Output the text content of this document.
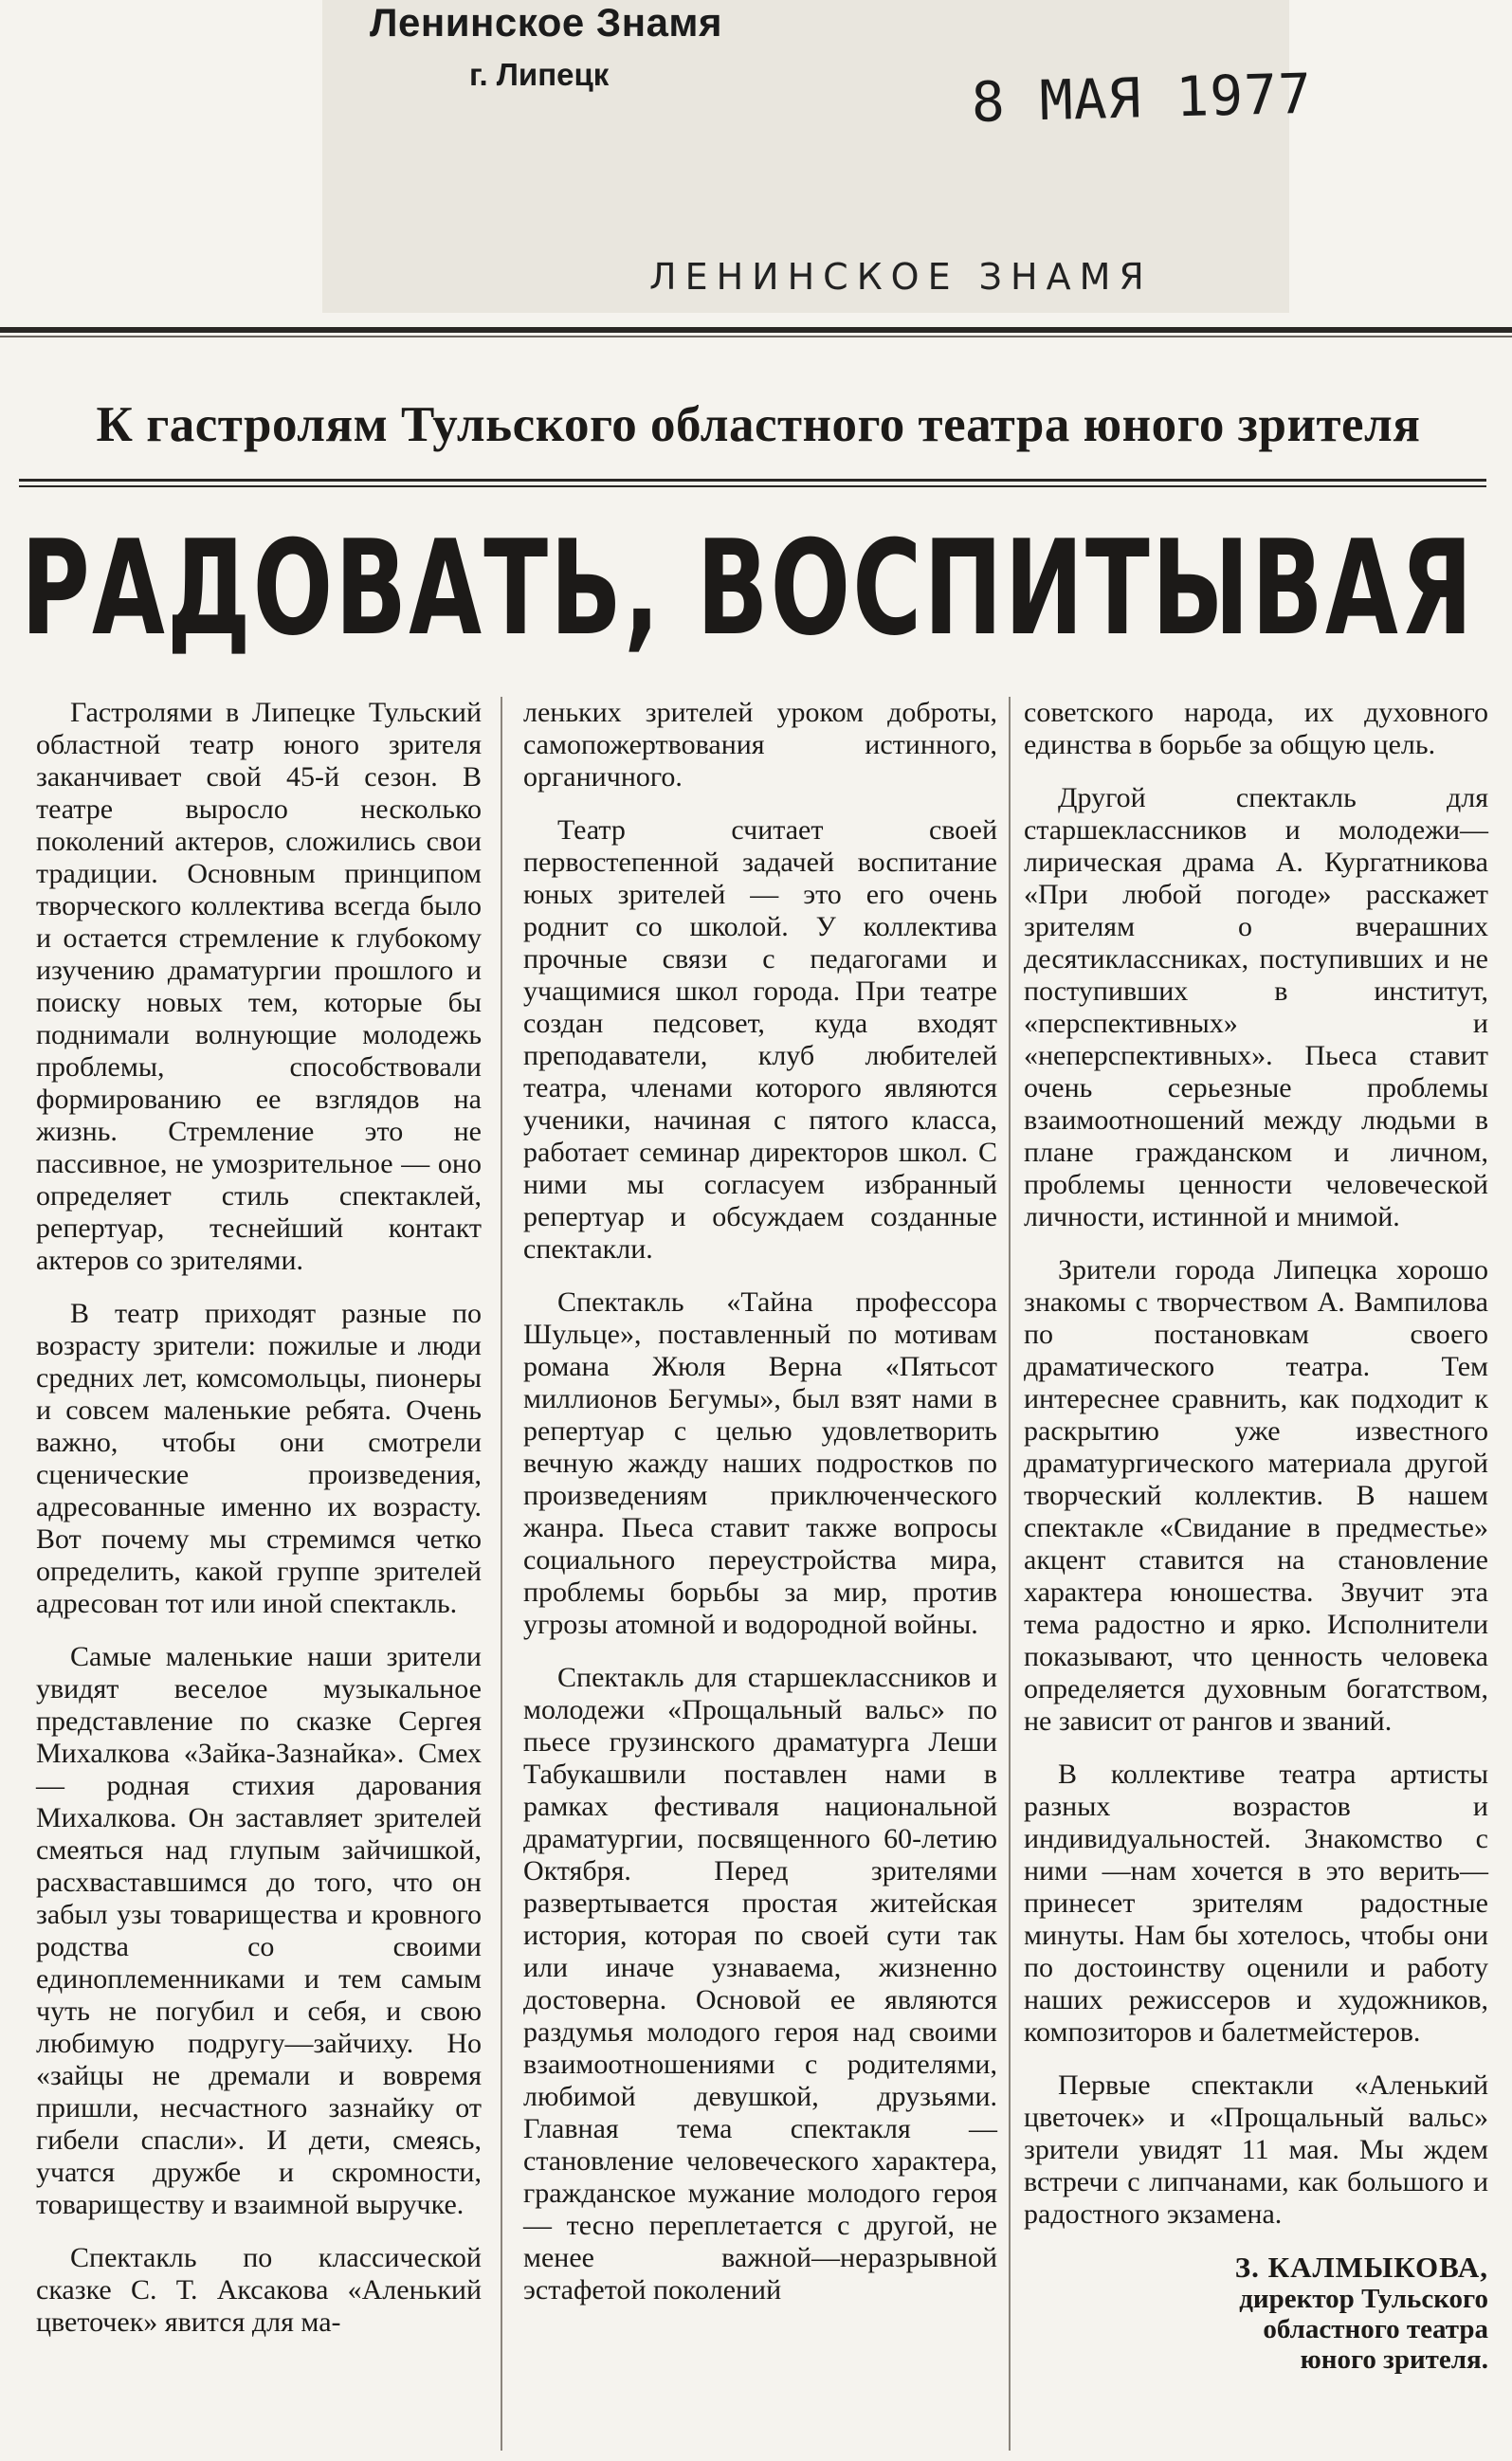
Ленинское Знамя
г. Липецк	8 МАЯ 1977
ЛЕНИНСКОЕ ЗНАМЯ
К гастролям Тульского областного театра юного зрителя
РАДОВАТЬ, ВОСПИТЫВАЯ

Гастролями в Липецке Тульский областной театр юного зрителя заканчивает свой 45-й сезон. В театре выросло несколько поколений актеров, сложились свои традиции. Основным принципом творческого коллектива всегда было и остается стремление к глубокому изучению драматургии прошлого и поиску новых тем, которые бы поднимали волнующие молодежь проблемы, способствовали формированию ее взглядов на жизнь. Стремление это не пассивное, не умозрительное — оно определяет стиль спектаклей, репертуар, теснейший контакт актеров со зрителями.

В театр приходят разные по возрасту зрители: пожилые и люди средних лет, комсомольцы, пионеры и совсем маленькие ребята. Очень важно, чтобы они смотрели сценические произведения, адресованные именно их возрасту. Вот почему мы стремимся четко определить, какой группе зрителей адресован тот или иной спектакль.

Самые маленькие наши зрители увидят веселое музыкальное представление по сказке Сергея Михалкова «Зайка-Зазнайка». Смех — родная стихия дарования Михалкова. Он заставляет зрителей смеяться над глупым зайчишкой, расхваставшимся до того, что он забыл узы товарищества и кровного родства со своими единоплеменниками и тем самым чуть не погубил и себя, и свою любимую подругу—зайчиху. Но «зайцы не дремали и вовремя пришли, несчастного зазнайку от гибели спасли». И дети, смеясь, учатся дружбе и скромности, товариществу и взаимной выручке.

Спектакль по классической сказке С. Т. Аксакова «Аленький цветочек» явится для ма-

леньких зрителей уроком доброты, самопожертвования истинного, органичного.

Театр считает своей первостепенной задачей воспитание юных зрителей — это его очень роднит со школой. У коллектива прочные связи с педагогами и учащимися школ города. При театре создан педсовет, куда входят преподаватели, клуб любителей театра, членами которого являются ученики, начиная с пятого класса, работает семинар директоров школ. С ними мы согласуем избранный репертуар и обсуждаем созданные спектакли.

Спектакль «Тайна профессора Шульце», поставленный по мотивам романа Жюля Верна «Пятьсот миллионов Бегумы», был взят нами в репертуар с целью удовлетворить вечную жажду наших подростков по произведениям приключенческого жанра. Пьеса ставит также вопросы социального переустройства мира, проблемы борьбы за мир, против угрозы атомной и водородной войны.

Спектакль для старшеклассников и молодежи «Прощальный вальс» по пьесе грузинского драматурга Леши Табукашвили поставлен нами в рамках фестиваля национальной драматургии, посвященного 60-летию Октября. Перед зрителями развертывается простая житейская история, которая по своей сути так или иначе узнаваема, жизненно достоверна. Основой ее являются раздумья молодого героя над своими взаимоотношениями с родителями, любимой девушкой, друзьями. Главная тема спектакля — становление человеческого характера, гражданское мужание молодого героя — тесно переплетается с другой, не менее важной—неразрывной эстафетой поколений

советского народа, их духовного единства в борьбе за общую цель.

Другой спектакль для старшеклассников и молодежи—лирическая драма А. Кургатникова «При любой погоде» расскажет зрителям о вчерашних десятиклассниках, поступивших и не поступивших в институт, «перспективных» и «неперспективных». Пьеса ставит очень серьезные проблемы взаимоотношений между людьми в плане гражданском и личном, проблемы ценности человеческой личности, истинной и мнимой.

Зрители города Липецка хорошо знакомы с творчеством А. Вампилова по постановкам своего драматического театра. Тем интереснее сравнить, как подходит к раскрытию уже известного драматургического материала другой творческий коллектив. В нашем спектакле «Свидание в предместье» акцент ставится на становление характера юношества. Звучит эта тема радостно и ярко. Исполнители показывают, что ценность человека определяется духовным богатством, не зависит от рангов и званий.

В коллективе театра артисты разных возрастов и индивидуальностей. Знакомство с ними —нам хочется в это верить—принесет зрителям радостные минуты. Нам бы хотелось, чтобы они по достоинству оценили и работу наших режиссеров и художников, композиторов и балетмейстеров.

Первые спектакли «Аленький цветочек» и «Прощальный вальс» зрители увидят 11 мая. Мы ждем встречи с липчанами, как большого и радостного экзамена.

З. КАЛМЫКОВА,
директор Тульского
областного театра
юного зрителя.
